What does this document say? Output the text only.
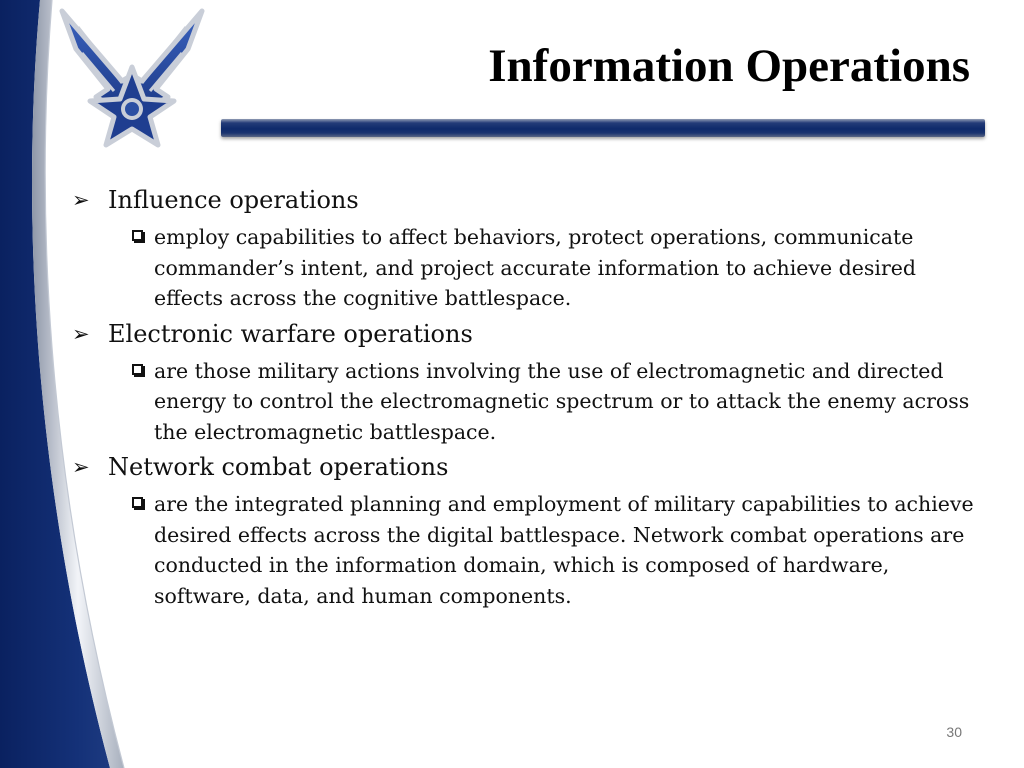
Information Operations
➢ Influence operations
employ capabilities to affect behaviors, protect operations, communicate commander’s intent, and project accurate information to achieve desired effects across the cognitive battlespace.
➢ Electronic warfare operations
are those military actions involving the use of electromagnetic and directed energy to control the electromagnetic spectrum or to attack the enemy across the electromagnetic battlespace.
➢ Network combat operations
are the integrated planning and employment of military capabilities to achieve desired effects across the digital battlespace. Network combat operations are conducted in the information domain, which is composed of hardware, software, data, and human components.
30
